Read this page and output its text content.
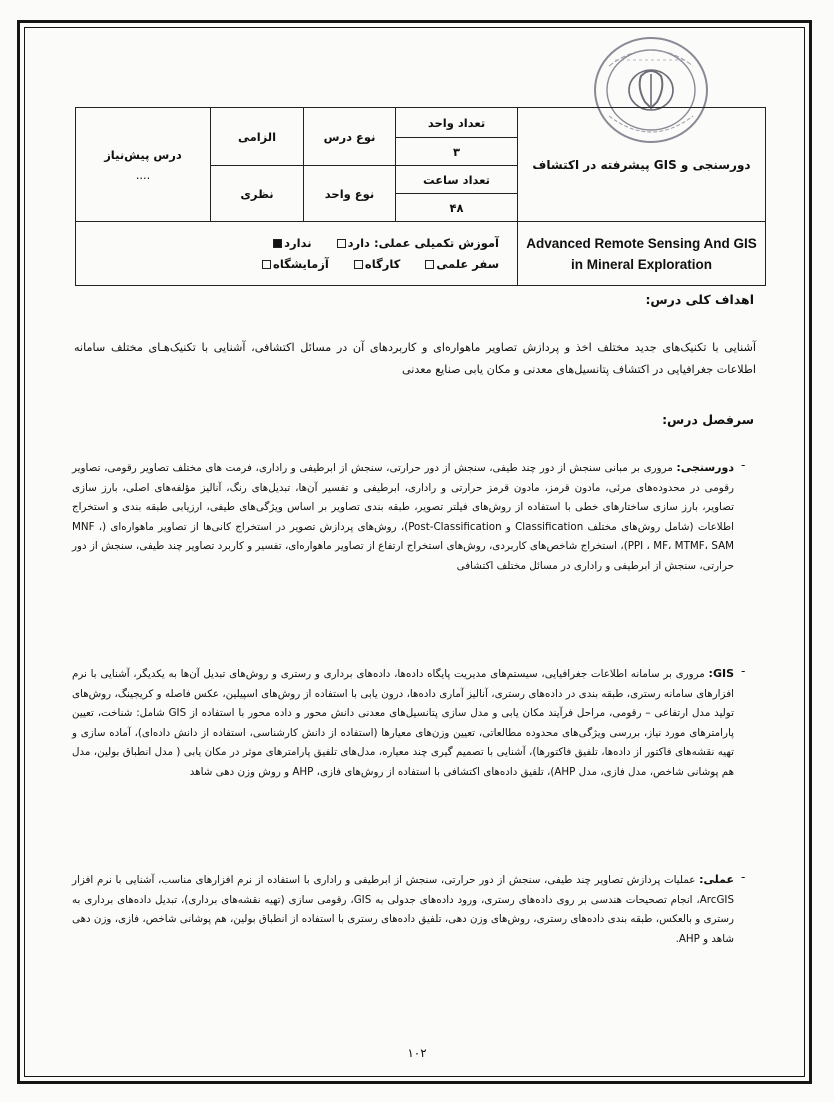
درس پیش‌نیاز
....	الزامی	نوع درس	تعداد واحد	دورسنجی و GIS پیشرفته در اکتشاف
			۳	
	نظری	نوع واحد	تعداد ساعت	
			۴۸	

آموزش تکمیلی عملی: دارد      ندارد
سفر علمی      کارگاه      آزمایشگاه				Advanced Remote Sensing And GIS in Mineral Exploration
اهداف کلی درس:
آشنایی با تکنیک‌های جدید مختلف اخذ و پردازش تصاویر ماهواره‌ای و کاربردهای آن در مسائل اکتشافی، آشنایی با تکنیک‌هـای مختلف سامانه اطلاعات جغرافیایی در اکتشاف پتانسیل‌های معدنی و مکان یابی صنایع معدنی
سرفصل درس:
-
دورسنجی: مروری بر مبانی سنجش از دور چند طیفی، سنجش از دور حرارتی، سنجش از ابرطیفی و راداری، فرمت های مختلف تصاویر رقومی، تصاویر رقومی در محدوده‌های مرئی، مادون قرمز، مادون قرمز حرارتی و راداری، ابرطیفی و تفسیر آن‌ها، تبدیل‌های رنگ، آنالیز مؤلفه‌های اصلی، بارز سازی تصاویر، بارز سازی ساختارهای خطی با استفاده از روش‌های فیلتر تصویر، طبقه بندی تصاویر بر اساس ویژگی‌های طیفی، ارزیابی طبقه بندی و استخراج اطلاعات (شامل روش‌های مختلف Classification و Post-Classification)، روش‌های پردازش تصویر در استخراج کانی‌ها از تصاویر ماهواره‌ای (MNF ، PPI ، MF، MTMF، SAM)، استخراج شاخص‌های کاربردی، روش‌های استخراج ارتفاع از تصاویر ماهواره‌ای، تفسیر و کاربرد تصاویر چند طیفی، سنجش از دور حرارتی، سنجش از ابرطیفی و راداری در مسائل مختلف اکتشافی
-
GIS: مروری بر سامانه اطلاعات جغرافیایی، سیستم‌های مدیریت پایگاه داده‌ها، داده‌های برداری و رستری و روش‌های تبدیل آن‌ها به یکدیگر، آشنایی با نرم افزارهای سامانه رستری، طبقه بندی در داده‌های رستری، آنالیز آماری داده‌ها، درون یابی با استفاده از روش‌های اسپیلین، عکس فاصله و کریجینگ، روش‌های تولید مدل ارتفاعی – رقومی، مراحل فرآیند مکان یابی و مدل سازی پتانسیل‌های معدنی دانش محور و داده محور با استفاده از GIS شامل: شناخت، تعیین پارامترهای مورد نیاز، بررسی ویژگی‌های محدوده مطالعاتی، تعیین وزن‌های معیارها (استفاده از دانش کارشناسی، استفاده از دانش داده‌ای)، آماده سازی و تهیه نقشه‌های فاکتور از داده‌ها، تلفیق فاکتورها)، آشنایی با تصمیم گیری چند معیاره، مدل‌های تلفیق پارامترهای موثر در مکان یابی ( مدل انطباق بولین، مدل هم پوشانی شاخص، مدل فازی، مدل AHP)، تلفیق داده‌های اکتشافی با استفاده از روش‌های فازی، AHP و روش وزن دهی شاهد
-
عملی: عملیات پردازش تصاویر چند طیفی، سنجش از دور حرارتی، سنجش از ابرطیفی و راداری با استفاده از نرم افزارهای مناسب، آشنایی با نرم افزار ArcGIS، انجام تصحیحات هندسی بر روی داده‌های رستری، ورود داده‌های جدولی به GIS، رقومی سازی (تهیه نقشه‌های برداری)، تبدیل داده‌های برداری به رستری و بالعکس، طبقه بندی داده‌های رستری، روش‌های وزن دهی، تلفیق داده‌های رستری با استفاده از انطباق بولین، هم پوشانی شاخص، فازی، وزن دهی شاهد و AHP.
۱۰۲
